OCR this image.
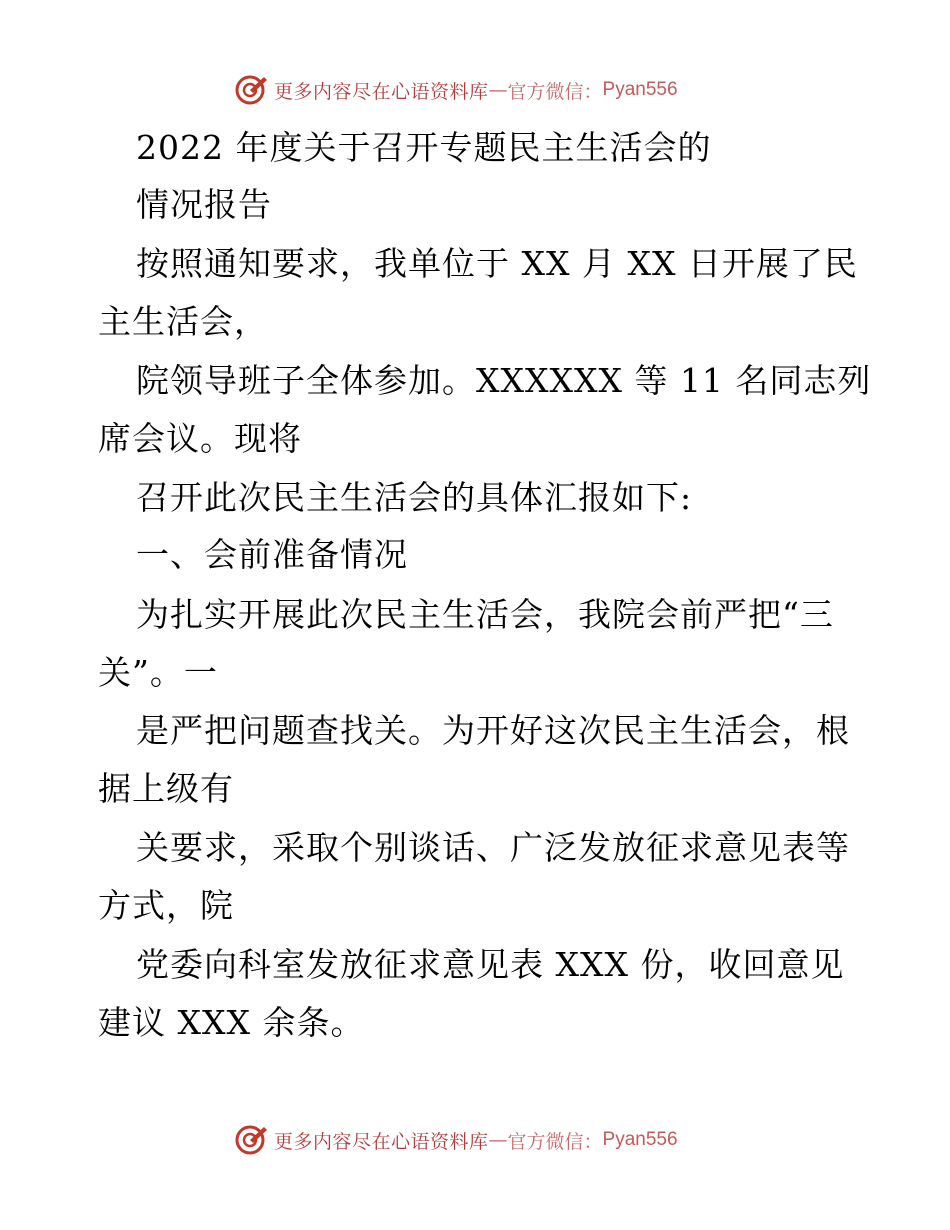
更多内容尽在心语资料库 — 官方微信： Pyan556
2022 年度关于召开专题民主生活会的
情况报告
按照通知要求，我单位于 XX 月 XX 日开展了民
主生活会，
院领导班子全体参加。XXXXXX 等 11 名同志列
席会议。现将
召开此次民主生活会的具体汇报如下:
一、会前准备情况
为扎实开展此次民主生活会，我院会前严把“三
关”。一
是严把问题查找关。为开好这次民主生活会，根
据上级有
关要求，采取个别谈话、广泛发放征求意见表等
方式，院
党委向科室发放征求意见表 XXX 份，收回意见
建议 XXX 余条。
更多内容尽在心语资料库 — 官方微信： Pyan556
